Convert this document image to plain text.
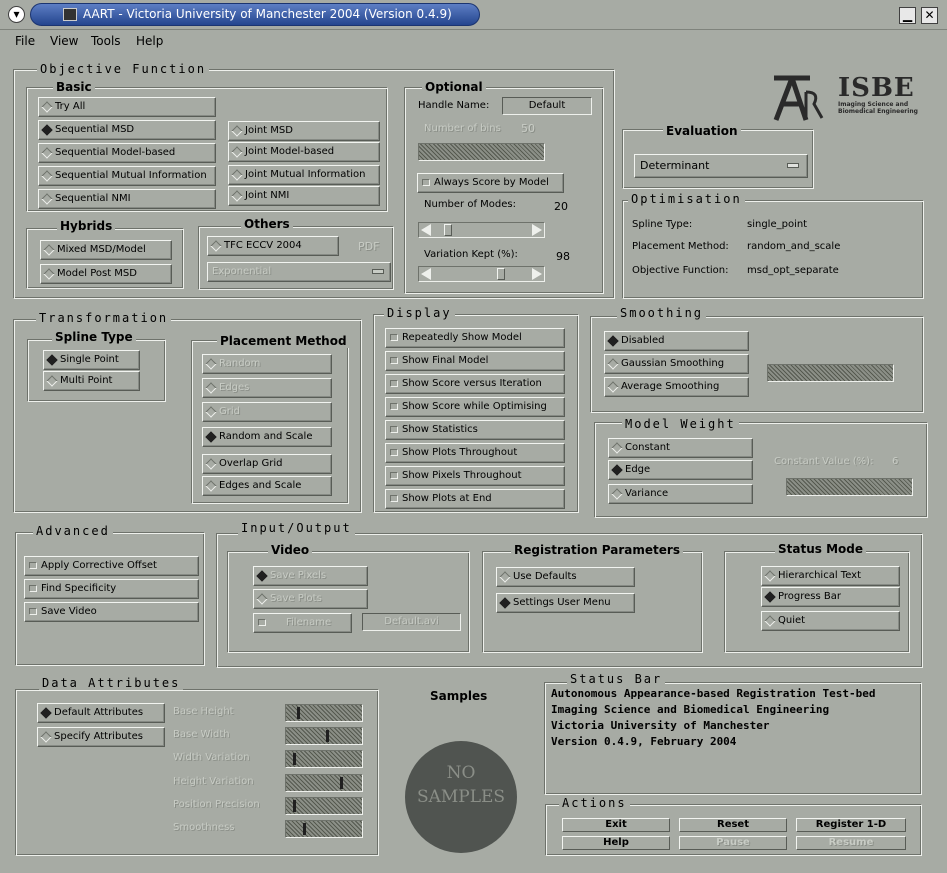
▾	AART - Victoria University of Manchester 2004 (Version 0.4.9)	▁	✕
File View Tools Help
Objective Function
Basic
Try All
Sequential MSD
Sequential Model-based
Sequential Mutual Information
Sequential NMI
Joint MSD
Joint Model-based
Joint Mutual Information
Joint NMI
Hybrids
Mixed MSD/Model
Model Post MSD
Others
TFC ECCV 2004	PDF
Exponential
Optional
Handle Name:	Default
Number of bins 50
Always Score by Model
Number of Modes:	20
Variation Kept (%):	98
ISBE
Imaging Science and
Biomedical Engineering
Evaluation
Determinant
Optimisation
Spline Type:	single_point
Placement Method: random_and_scale
Objective Function: msd_opt_separate
Transformation
Spline Type
Single Point
Multi Point
Placement Method
Random
Edges
Grid
Random and Scale
Overlap Grid
Edges and Scale
Display
Repeatedly Show Model
Show Final Model
Show Score versus Iteration
Show Score while Optimising
Show Statistics
Show Plots Throughout
Show Pixels Throughout
Show Plots at End
Smoothing
Disabled
Gaussian Smoothing
Average Smoothing
Model Weight
Constant
Edge
Variance
Constant Value (%): 6
Advanced
Apply Corrective Offset
Find Specificity
Save Video
Input/Output
Video
Save Pixels
Save Plots
Filename	Default.avi
Registration Parameters
Use Defaults
Settings User Menu
Status Mode
Hierarchical Text
Progress Bar
Quiet
Data Attributes
Default Attributes
Specify Attributes
Base Height
Base Width
Width Variation
Height Variation
Position Precision
Smoothness
Samples
NO
SAMPLES
Status Bar
Autonomous Appearance-based Registration Test-bed
Imaging Science and Biomedical Engineering
Victoria University of Manchester
Version 0.4.9, February 2004
Actions
Exit	Reset	Register 1-D
Help	Pause	Resume
